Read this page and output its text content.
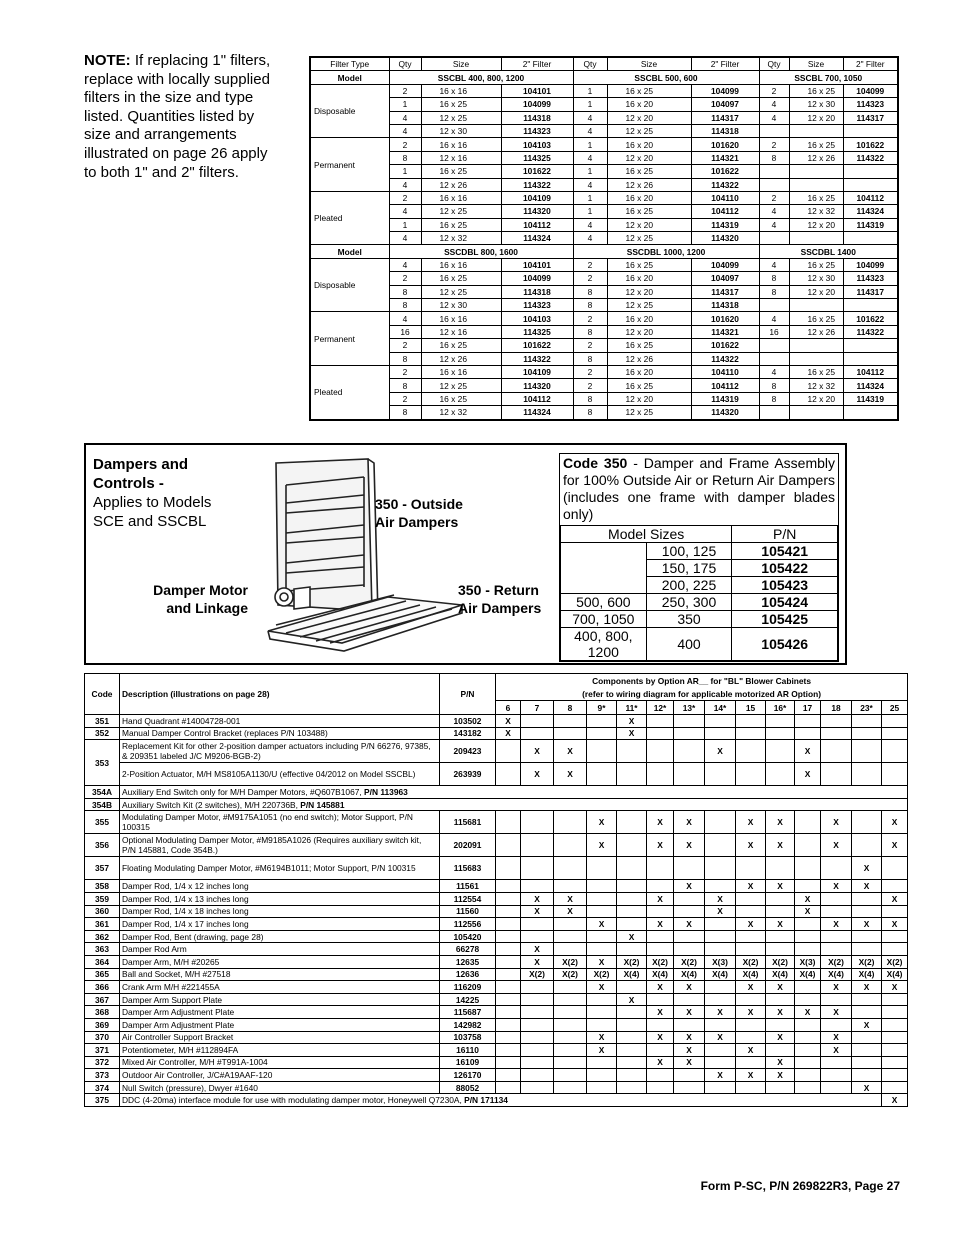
NOTE: If replacing 1" filters, replace with locally supplied filters in the size and type listed. Quantities listed by size and arrangements illustrated on page 26 apply to both 1" and 2" filters.
Filter Type	Qty	Size	2" Filter	Qty	Size	2" Filter	Qty	Size	2" Filter
Model	SSCBL 400, 800, 1200			SSCBL 500, 600			SSCBL 700, 1050		
Disposable	2	16 x 16	104101	1	16 x 25	104099	2	16 x 25	104099
	1	16 x 25	104099	1	16 x 20	104097	4	12 x 30	114323
	4	12 x 25	114318	4	12 x 20	114317	4	12 x 20	114317
	4	12 x 30	114323	4	12 x 25	114318			
Permanent	2	16 x 16	104103	1	16 x 20	101620	2	16 x 25	101622
	8	12 x 16	114325	4	12 x 20	114321	8	12 x 26	114322
	1	16 x 25	101622	1	16 x 25	101622			
	4	12 x 26	114322	4	12 x 26	114322			
Pleated	2	16 x 16	104109	1	16 x 20	104110	2	16 x 25	104112
	4	12 x 25	114320	1	16 x 25	104112	4	12 x 32	114324
	1	16 x 25	104112	4	12 x 20	114319	4	12 x 20	114319
	4	12 x 32	114324	4	12 x 25	114320			
Model	SSCDBL 800, 1600			SSCDBL 1000, 1200			SSCDBL 1400		
Disposable	4	16 x 16	104101	2	16 x 25	104099	4	16 x 25	104099
	2	16 x 25	104099	2	16 x 20	104097	8	12 x 30	114323
	8	12 x 25	114318	8	12 x 20	114317	8	12 x 20	114317
	8	12 x 30	114323	8	12 x 25	114318			
Permanent	4	16 x 16	104103	2	16 x 20	101620	4	16 x 25	101622
	16	12 x 16	114325	8	12 x 20	114321	16	12 x 26	114322
	2	16 x 25	101622	2	16 x 25	101622			
	8	12 x 26	114322	8	12 x 26	114322			
Pleated	2	16 x 16	104109	2	16 x 20	104110	4	16 x 25	104112
	8	12 x 25	114320	2	16 x 25	104112	8	12 x 32	114324
	2	16 x 25	104112	8	12 x 20	114319	8	12 x 20	114319
	8	12 x 32	114324	8	12 x 25	114320			
Dampers and Controls -
Applies to Models SCE and SSCBL
350 - Outside Air Dampers
350 - Return Air Dampers
Damper Motor and Linkage
Code 350 - Damper and Frame Assembly for 100% Outside Air or Return Air Dampers (includes one frame with damper blades only)
Model Sizes		P/N
	100, 125	105421
	150, 175	105422
	200, 225	105423
500, 600	250, 300	105424
700, 1050	350	105425
400, 800, 1200	400	105426
Code	Description (illustrations on page 28)	P/N	Components by Option AR__ for "BL" Blower Cabinets													
			(refer to wiring diagram for applicable motorized AR Option)													
			6	7	8	9*	11*	12*	13*	14*	15	16*	17	18	23*	25
351	Hand Quadrant #14004728-001	103502	X				X									
352	Manual Damper Control Bracket (replaces P/N 103488)	143182	X				X									
353	Replacement Kit for other 2-position damper actuators including P/N 66276, 97385, & 209351 labeled J/C M9206-BGB-2)	209423		X	X					X			X			
	2-Position Actuator, M/H MS8105A1130/U (effective 04/2012 on Model SSCBL)	263939		X	X								X			
354A	Auxiliary End Switch only for M/H Damper Motors, #Q607B1067, P/N 113963															
354B	Auxiliary Switch Kit (2 switches), M/H 220736B, P/N 145881															
355	Modulating Damper Motor, #M9175A1051 (no end switch); Motor Support, P/N 100315	115681				X		X	X		X	X		X		X
356	Optional Modulating Damper Motor, #M9185A1026 (Requires auxiliary switch kit, P/N 145881, Code 354B.)	202091				X		X	X		X	X		X		X
357	Floating Modulating Damper Motor, #M6194B1011; Motor Support, P/N 100315	115683													X	
358	Damper Rod, 1/4 x 12 inches long	11561							X		X	X		X	X	
359	Damper Rod, 1/4 x 13 inches long	112554		X	X			X		X			X			X
360	Damper Rod, 1/4 x 18 inches long	11560		X	X					X			X			
361	Damper Rod, 1/4 x 17 inches long	112556				X		X	X		X	X		X	X	X
362	Damper Rod, Bent (drawing, page 28)	105420					X									
363	Damper Rod Arm	66278		X												
364	Damper Arm, M/H #20265	12635		X	X(2)	X	X(2)	X(2)	X(2)	X(3)	X(2)	X(2)	X(3)	X(2)	X(2)	X(2)
365	Ball and Socket, M/H #27518	12636		X(2)	X(2)	X(2)	X(4)	X(4)	X(4)	X(4)	X(4)	X(4)	X(4)	X(4)	X(4)	X(4)
366	Crank Arm M/H #221455A	116209				X		X	X		X	X		X	X	X
367	Damper Arm Support Plate	14225					X									
368	Damper Arm Adjustment Plate	115687						X	X	X	X	X	X	X		
369	Damper Arm Adjustment Plate	142982													X	
370	Air Controller Support Bracket	103758				X		X	X	X		X		X		
371	Potentiometer, M/H #112894FA	16110				X			X		X			X		
372	Mixed Air Controller, M/H #T991A-1004	16109						X	X			X				
373	Outdoor Air Controller, J/C#A19AAF-120	126170								X	X	X				
374	Null Switch (pressure), Dwyer #1640	88052													X	
375	DDC (4-20ma) interface module for use with modulating damper motor, Honeywell Q7230A, P/N 171134															X
Form P-SC, P/N 269822R3, Page 27
